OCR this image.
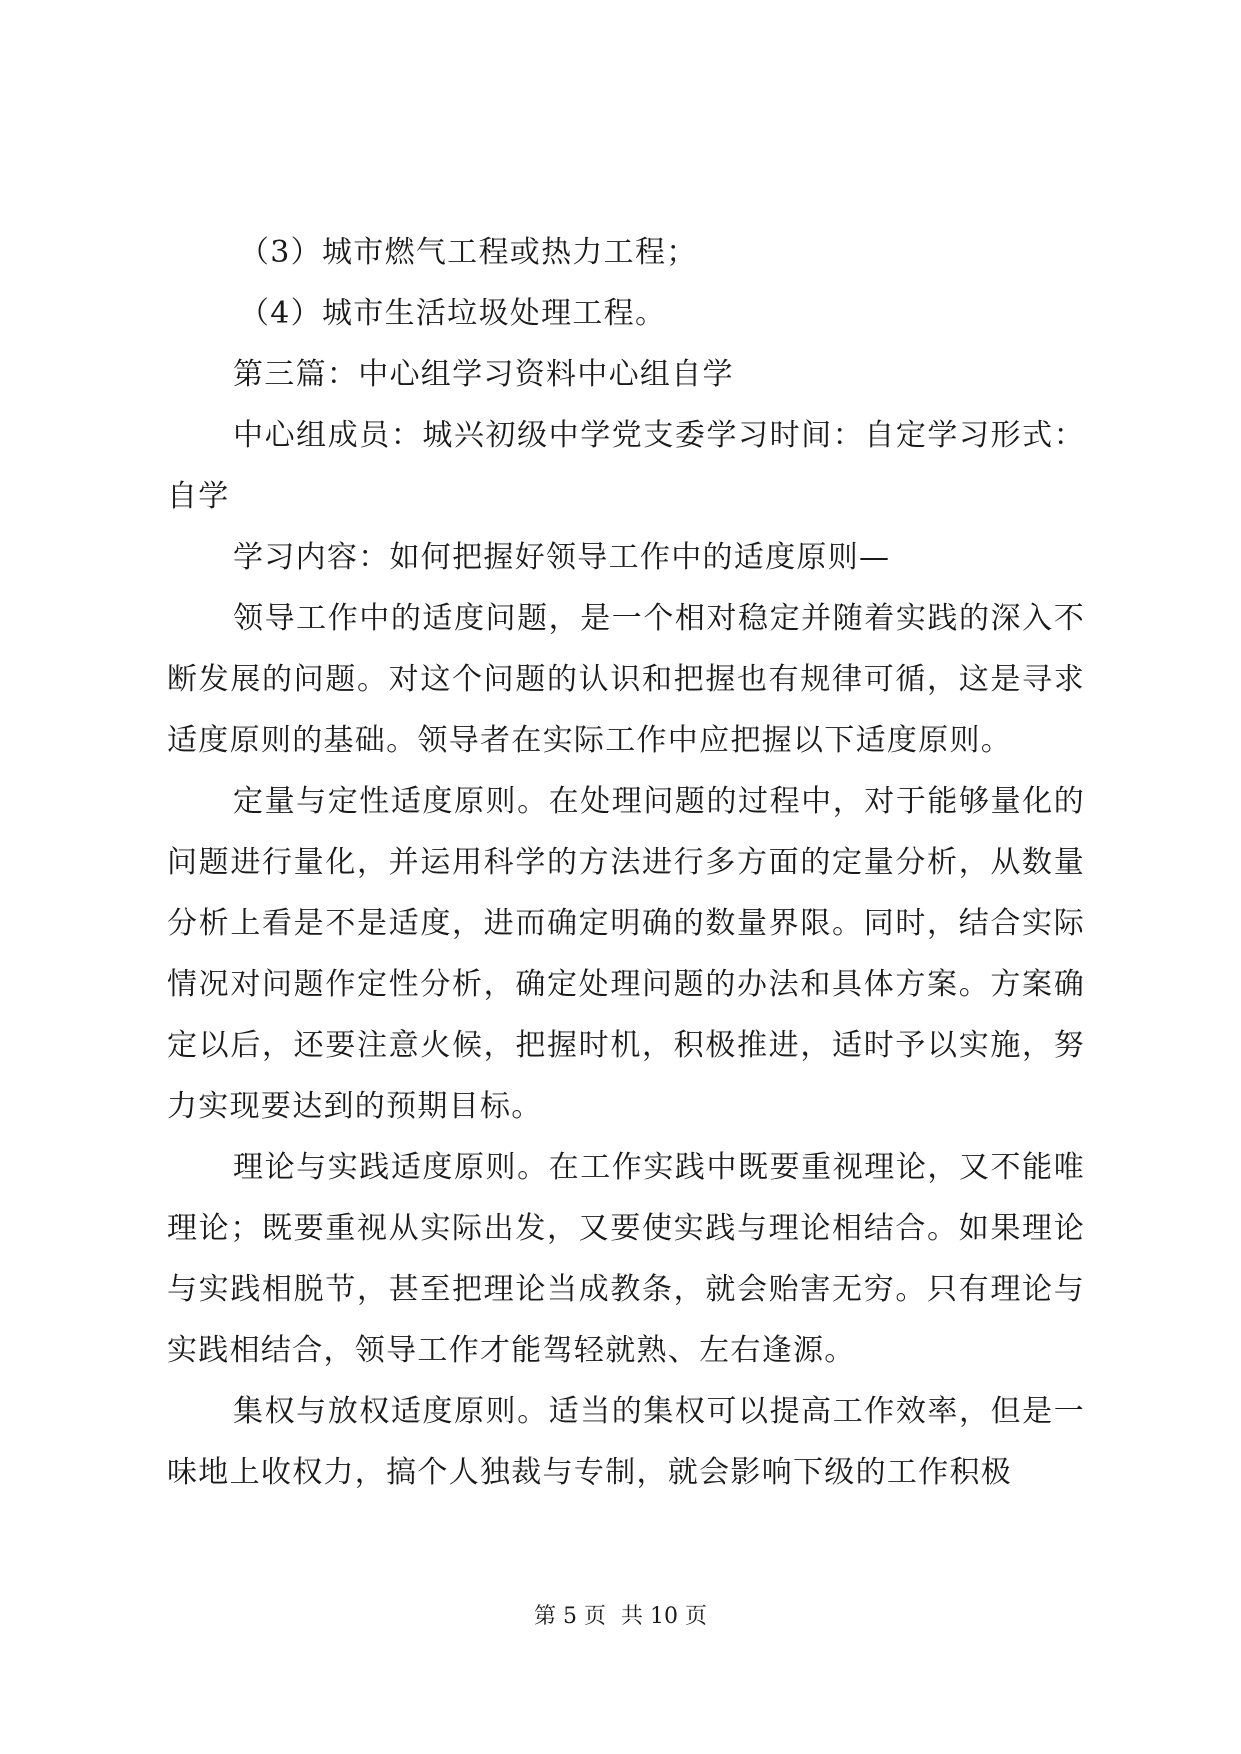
（3）城市燃气工程或热力工程；

（4）城市生活垃圾处理工程。

第三篇：中心组学习资料中心组自学

中心组成员：城兴初级中学党支委学习时间：自定学习形式：自学

学习内容：如何把握好领导工作中的适度原则—

领导工作中的适度问题，是一个相对稳定并随着实践的深入不断发展的问题。对这个问题的认识和把握也有规律可循，这是寻求适度原则的基础。领导者在实际工作中应把握以下适度原则。

定量与定性适度原则。在处理问题的过程中，对于能够量化的问题进行量化，并运用科学的方法进行多方面的定量分析，从数量分析上看是不是适度，进而确定明确的数量界限。同时，结合实际情况对问题作定性分析，确定处理问题的办法和具体方案。方案确定以后，还要注意火候，把握时机，积极推进，适时予以实施，努力实现要达到的预期目标。

理论与实践适度原则。在工作实践中既要重视理论，又不能唯理论；既要重视从实际出发，又要使实践与理论相结合。如果理论与实践相脱节，甚至把理论当成教条，就会贻害无穷。只有理论与实践相结合，领导工作才能驾轻就熟、左右逢源。

集权与放权适度原则。适当的集权可以提高工作效率，但是一味地上收权力，搞个人独裁与专制，就会影响下级的工作积极

第 5 页 共 10 页
